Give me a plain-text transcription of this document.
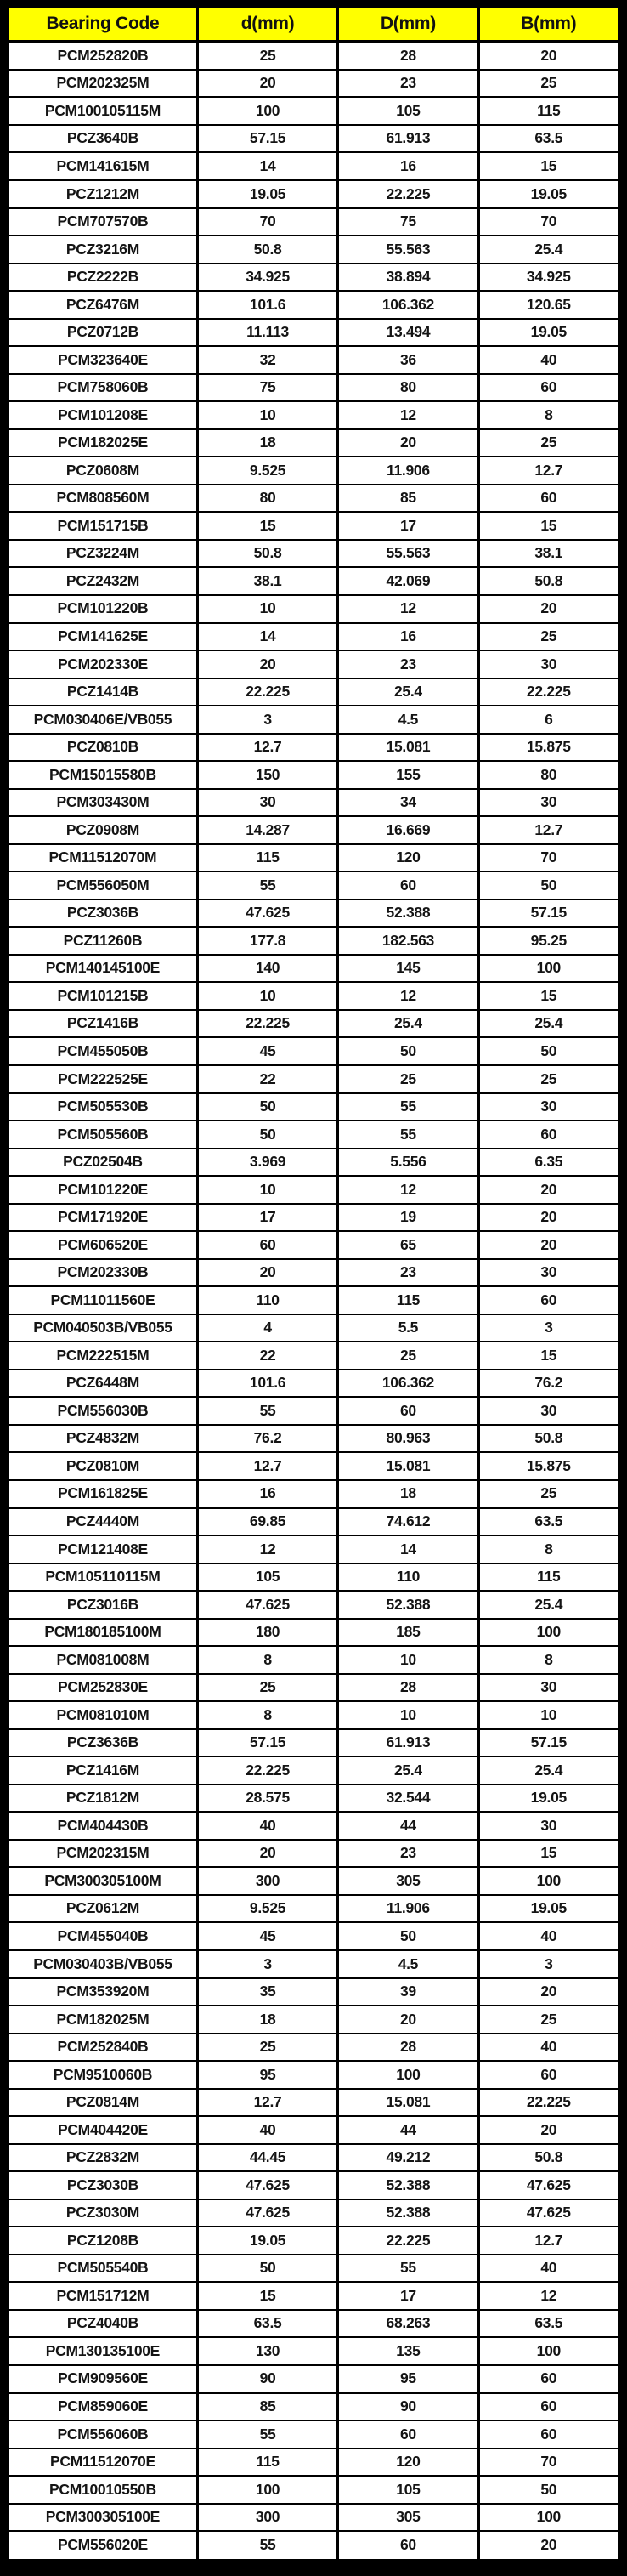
Bearing Code	d(mm)	D(mm)	B(mm)
PCM252820B	25	28	20
PCM202325M	20	23	25
PCM100105115M	100	105	115
PCZ3640B	57.15	61.913	63.5
PCM141615M	14	16	15
PCZ1212M	19.05	22.225	19.05
PCM707570B	70	75	70
PCZ3216M	50.8	55.563	25.4
PCZ2222B	34.925	38.894	34.925
PCZ6476M	101.6	106.362	120.65
PCZ0712B	11.113	13.494	19.05
PCM323640E	32	36	40
PCM758060B	75	80	60
PCM101208E	10	12	8
PCM182025E	18	20	25
PCZ0608M	9.525	11.906	12.7
PCM808560M	80	85	60
PCM151715B	15	17	15
PCZ3224M	50.8	55.563	38.1
PCZ2432M	38.1	42.069	50.8
PCM101220B	10	12	20
PCM141625E	14	16	25
PCM202330E	20	23	30
PCZ1414B	22.225	25.4	22.225
PCM030406E/VB055	3	4.5	6
PCZ0810B	12.7	15.081	15.875
PCM15015580B	150	155	80
PCM303430M	30	34	30
PCZ0908M	14.287	16.669	12.7
PCM11512070M	115	120	70
PCM556050M	55	60	50
PCZ3036B	47.625	52.388	57.15
PCZ11260B	177.8	182.563	95.25
PCM140145100E	140	145	100
PCM101215B	10	12	15
PCZ1416B	22.225	25.4	25.4
PCM455050B	45	50	50
PCM222525E	22	25	25
PCM505530B	50	55	30
PCM505560B	50	55	60
PCZ02504B	3.969	5.556	6.35
PCM101220E	10	12	20
PCM171920E	17	19	20
PCM606520E	60	65	20
PCM202330B	20	23	30
PCM11011560E	110	115	60
PCM040503B/VB055	4	5.5	3
PCM222515M	22	25	15
PCZ6448M	101.6	106.362	76.2
PCM556030B	55	60	30
PCZ4832M	76.2	80.963	50.8
PCZ0810M	12.7	15.081	15.875
PCM161825E	16	18	25
PCZ4440M	69.85	74.612	63.5
PCM121408E	12	14	8
PCM105110115M	105	110	115
PCZ3016B	47.625	52.388	25.4
PCM180185100M	180	185	100
PCM081008M	8	10	8
PCM252830E	25	28	30
PCM081010M	8	10	10
PCZ3636B	57.15	61.913	57.15
PCZ1416M	22.225	25.4	25.4
PCZ1812M	28.575	32.544	19.05
PCM404430B	40	44	30
PCM202315M	20	23	15
PCM300305100M	300	305	100
PCZ0612M	9.525	11.906	19.05
PCM455040B	45	50	40
PCM030403B/VB055	3	4.5	3
PCM353920M	35	39	20
PCM182025M	18	20	25
PCM252840B	25	28	40
PCM9510060B	95	100	60
PCZ0814M	12.7	15.081	22.225
PCM404420E	40	44	20
PCZ2832M	44.45	49.212	50.8
PCZ3030B	47.625	52.388	47.625
PCZ3030M	47.625	52.388	47.625
PCZ1208B	19.05	22.225	12.7
PCM505540B	50	55	40
PCM151712M	15	17	12
PCZ4040B	63.5	68.263	63.5
PCM130135100E	130	135	100
PCM909560E	90	95	60
PCM859060E	85	90	60
PCM556060B	55	60	60
PCM11512070E	115	120	70
PCM10010550B	100	105	50
PCM300305100E	300	305	100
PCM556020E	55	60	20
